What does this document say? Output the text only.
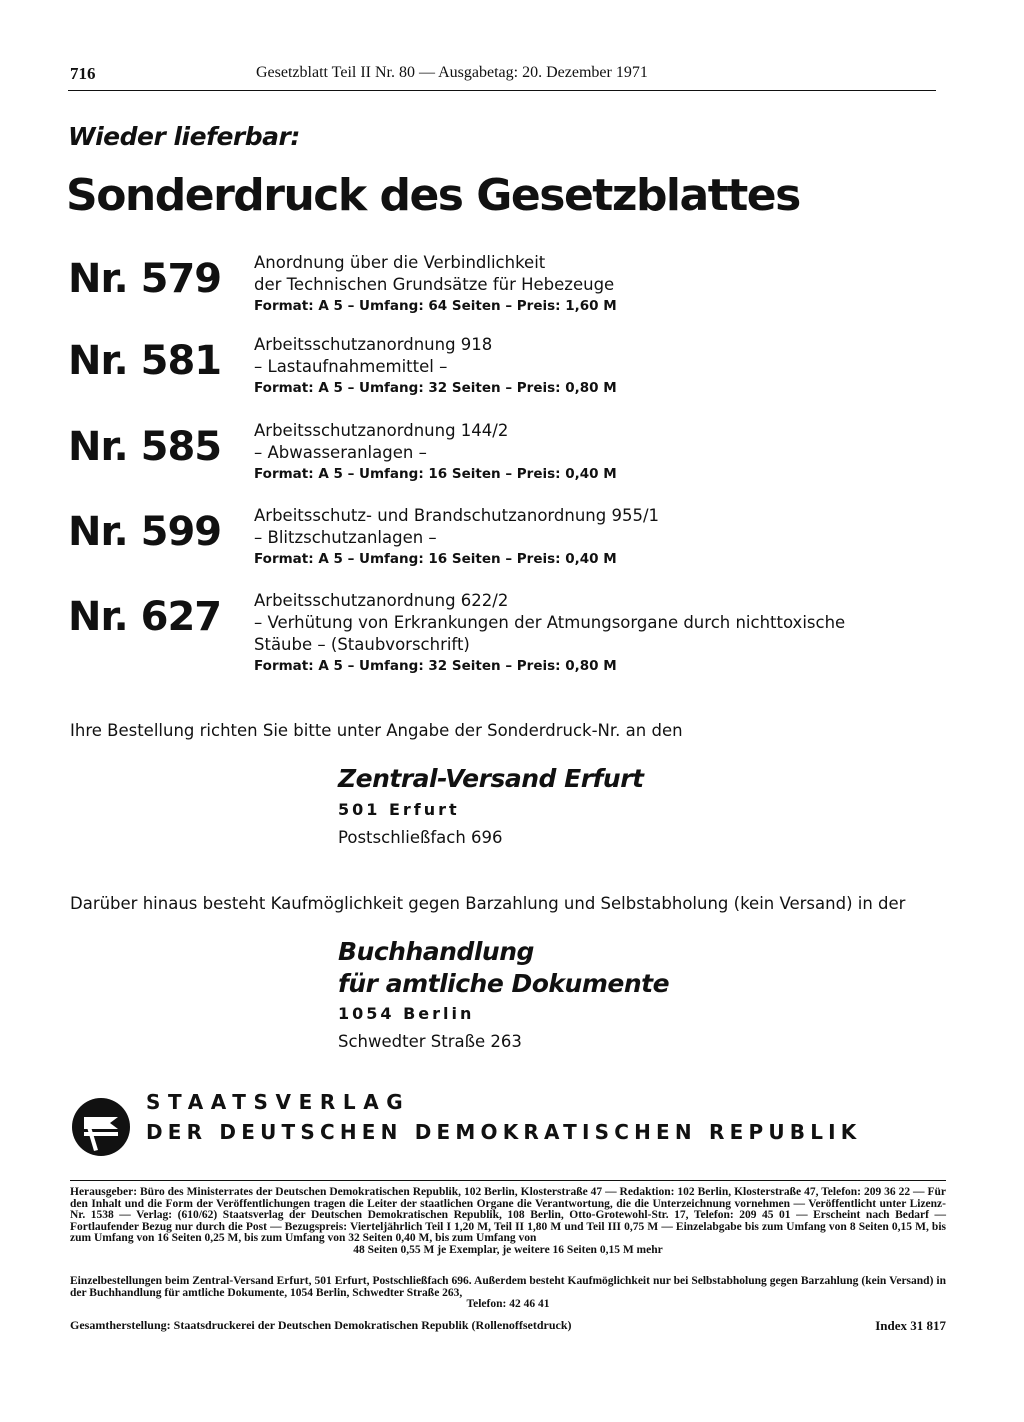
716	Gesetzblatt Teil II Nr. 80 — Ausgabetag: 20. Dezember 1971
Wieder lieferbar:
Sonderdruck des Gesetzblattes
Nr. 579 Anordnung über die Verbindlichkeit
der Technischen Grundsätze für Hebezeuge
Format: A 5 – Umfang: 64 Seiten – Preis: 1,60 M
Nr. 581 Arbeitsschutzanordnung 918
– Lastaufnahmemittel –
Format: A 5 – Umfang: 32 Seiten – Preis: 0,80 M
Nr. 585 Arbeitsschutzanordnung 144/2
– Abwasseranlagen –
Format: A 5 – Umfang: 16 Seiten – Preis: 0,40 M
Nr. 599 Arbeitsschutz- und Brandschutzanordnung 955/1
– Blitzschutzanlagen –
Format: A 5 – Umfang: 16 Seiten – Preis: 0,40 M
Nr. 627 Arbeitsschutzanordnung 622/2
– Verhütung von Erkrankungen der Atmungsorgane durch nichttoxische
Stäube – (Staubvorschrift)
Format: A 5 – Umfang: 32 Seiten – Preis: 0,80 M
Ihre Bestellung richten Sie bitte unter Angabe der Sonderdruck-Nr. an den
Zentral-Versand Erfurt
501 Erfurt
Postschließfach 696
Darüber hinaus besteht Kaufmöglichkeit gegen Barzahlung und Selbstabholung (kein Versand) in der
Buchhandlung
für amtliche Dokumente
1054 Berlin
Schwedter Straße 263
STAATSVERLAG
DER DEUTSCHEN DEMOKRATISCHEN REPUBLIK
Herausgeber: Büro des Ministerrates der Deutschen Demokratischen Republik, 102 Berlin, Klosterstraße 47 — Redaktion: 102 Berlin, Klosterstraße 47, Telefon: 209 36 22 — Für den Inhalt und die Form der Veröffentlichungen tragen die Leiter der staatlichen Organe die Verantwortung, die die Unterzeichnung vornehmen — Veröffentlicht unter Lizenz-Nr. 1538 — Verlag: (610/62) Staatsverlag der Deutschen Demokratischen Republik, 108 Berlin, Otto-Grotewohl-Str. 17, Telefon: 209 45 01 — Erscheint nach Bedarf — Fortlaufender Bezug nur durch die Post — Bezugspreis: Vierteljährlich Teil I 1,20 M, Teil II 1,80 M und Teil III 0,75 M — Einzelabgabe bis zum Umfang von 8 Seiten 0,15 M, bis zum Umfang von 16 Seiten 0,25 M, bis zum Umfang von 32 Seiten 0,40 M, bis zum Umfang von
48 Seiten 0,55 M je Exemplar, je weitere 16 Seiten 0,15 M mehr
Einzelbestellungen beim Zentral-Versand Erfurt, 501 Erfurt, Postschließfach 696. Außerdem besteht Kaufmöglichkeit nur bei Selbstabholung gegen Barzahlung (kein Versand) in der Buchhandlung für amtliche Dokumente, 1054 Berlin, Schwedter Straße 263,
Telefon: 42 46 41
Gesamtherstellung: Staatsdruckerei der Deutschen Demokratischen Republik (Rollenoffsetdruck)	Index 31 817
